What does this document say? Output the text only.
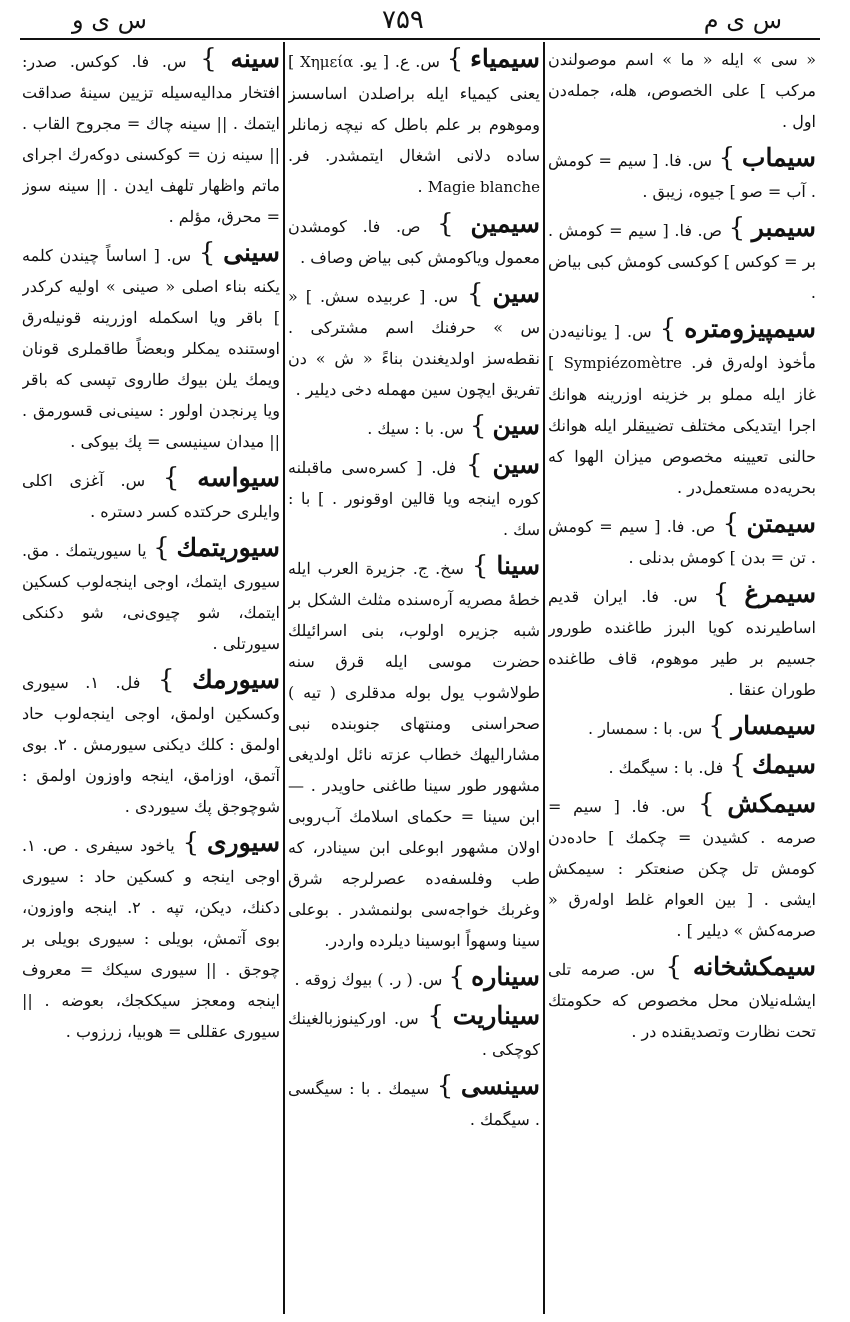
س ى و	۷۵۹	س ى م

« سى » ايله « ما » اسم موصو‌لندن مركب ] على الخصوص، هله، جمله‌دن اول .

سيماب } س. فا. [ سيم = كومش . آب = صو ] جيوه، زيبق .

سيمبر } ص. فا. [ سيم = كومش . بر = كوكس ] كوكسى كومش كبى بياض .

سيمپيزومتره } س. [ يونانيه‌دن مأخوذ اوله‌رق فر. Sympiézomètre ] غاز ايله مملو بر خزينه اوزرينه هوانك اجرا ايتديكى مختلف تضييقلر ايله هوانك حالنى تعيينه مخصوص ميزان الهوا كه بحريه‌ده مستعمل‌در .

سيمتن } ص. فا. [ سيم = كومش . تن = بدن ] كومش بدنلى .

سيمرغ } س. فا. ايران قديم اساطيرنده كويا البرز طاغنده طورور جسيم بر طير موهوم، قاف طاغنده طوران عنقا .

سيمسار } س. با : سمسار .

سيمك } فل. با : سيگمك .

سيمكش } س. فا. [ سيم = صرمه . كشيدن = چكمك ] حاده‌دن كومش تل چكن صنعتكر : سيمكش ايشى . [ بين العوام غلط اوله‌رق « صرمه‌كش » ديلير ] .

سيمكشخانه } س. صرمه تلى ايشله‌نيلان محل مخصوص كه حكومتك تحت نظارت وتصديقنده در .

سيمياء } س. ع. [ يو. Χημεία ] يعنى كيمياء ايله براصلدن اساسسز وموهوم بر علم باطل كه نيچه زمانلر ساده دلانى اشغال ايتمشدر. فر. Magie blanche .

سيمين } ص. فا. كومشدن معمول وياكومش كبى بياض وصاف .

سين } س. [ عربيده سش. ] « س » حرفنك اسم مشتركى . نقطه‌سز اولديغندن بناءً « ش » دن تفريق ايچون سين مهمله دخى ديلير .

سين } س. با : سيك .

سين } فل. [ كسره‌سى ماقبلنه كوره اينجه ويا قالين اوقونور . ] با : سك .

سينا } سخ. ج. جزيرة العرب ايله خطهٔ مصريه آره‌سنده مثلث الشكل بر شبه جزيره اولوب، بنى اسرائيلك حضرت موسى ايله قرق سنه طولاشوب يول بوله مدقلرى ( تيه ) صحراسنى ومنتهاى جنوبنده نبى مشاراليهك خطاب عزته نائل اولديغى مشهور طور سينا طاغنى حاويدر . — ابن سينا = حكماى اسلامك آب‌روبى اولان مشهور ابوعلى ابن سينادر، كه طب وفلسفه‌ده عصرلرجه شرق وغربك خواجه‌سى بولنمشدر . بوعلى سينا وسهواً ابوسينا ديلرده واردر.

سيناره } س. ( ر. ) بيوك زوقه .

سيناريت } س. اوركينوزبالغينك كوچكى .

سينسى } سيمك . با : سيگسى . سيگمك .

سينه } س. فا. كوكس. صدر: افتخار مداليه‌سيله تزيين سينهٔ صداقت ايتمك . || سينه چاك = مجروح القاب . || سينه زن = كوكسنى دوكه‌رك اجراى ماتم واظهار تلهف ايدن . || سينه سوز = محرق، مؤلم .

سينى } س. [ اساساً چيندن كلمه يكنه بناء اصلى « صينى » اوليه كركدر ] باقر ويا اسكمله اوزرينه قونيله‌رق او‌ستنده يمكلر وبعضاً طاقملرى قونان ويمك يلن بيوك طاروى تپسى كه باقر ويا پرنجدن اولور : سينى‌نى قسورمق . || ميدان سينيسى = پك بيوكى .

سيواسه } س. آغزى اكلى وايلرى حركتده كسر دستره .

سيوريتمك } يا سيوريتمك . مق. سيورى ايتمك، اوجى اينجه‌لوب كسكين ايتمك، شو چيوى‌نى، شو دكنكى سيورتلى .

سيورمك } فل. ۱. سيورى وكسكين اولمق، اوجى اينجه‌لوب حاد اولمق : كلك ديكنى سيورمش . ۲. بوى آتمق، اوزامق، اينجه واوزون اولمق : شوچوجق پك سيوردى .

سيورى } ياخود سيفرى . ص. ۱. اوجى اينجه و كسكين حاد : سيورى دكنك، ديكن، تپه . ۲. اينجه واوزون، بوى آتمش، بويلى : سيورى بويلى بر چوجق . || سيورى سيكك = معروف اينجه ومعجز سيككجك، بعوضه . || سيورى عقللى = هوبيا، زرزوب .
